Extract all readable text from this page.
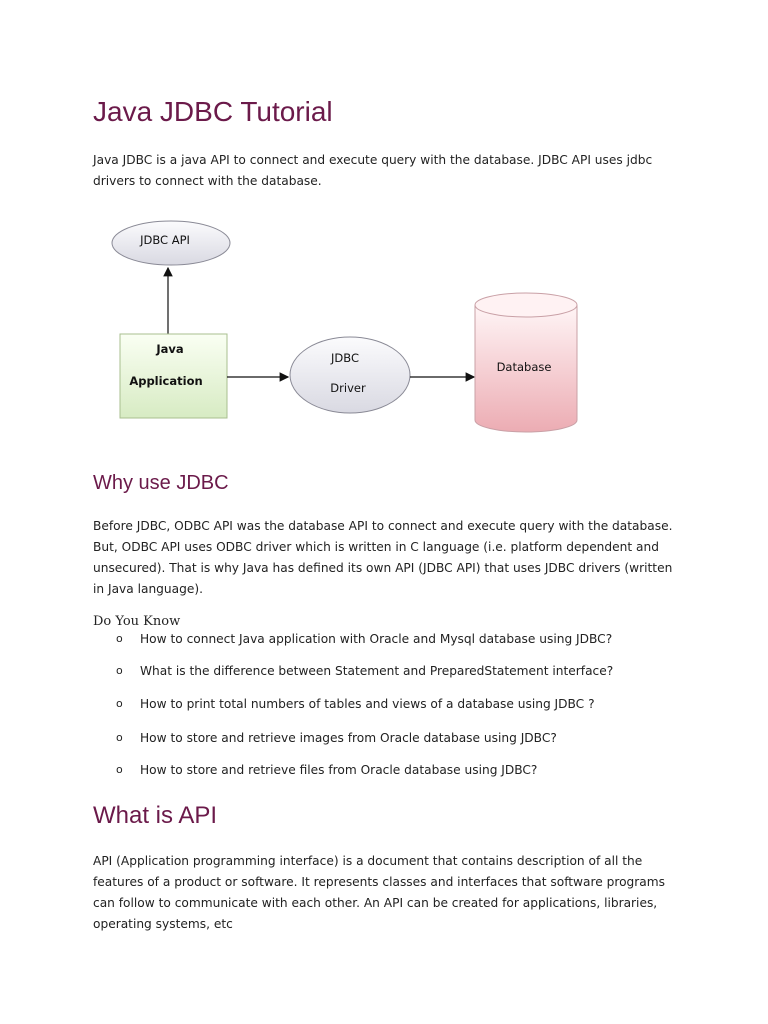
Java JDBC Tutorial

Java JDBC is a java API to connect and execute query with the database. JDBC API uses jdbc drivers to connect with the database.

JDBC API
Java
Application
JDBC
Driver
Database
Why use JDBC

Before JDBC, ODBC API was the database API to connect and execute query with the database. But, ODBC API uses ODBC driver which is written in C language (i.e. platform dependent and unsecured). That is why Java has defined its own API (JDBC API) that uses JDBC drivers (written in Java language).

Do You Know
o How to connect Java application with Oracle and Mysql database using JDBC?
o What is the difference between Statement and PreparedStatement interface?
o How to print total numbers of tables and views of a database using JDBC ?
o How to store and retrieve images from Oracle database using JDBC?
o How to store and retrieve files from Oracle database using JDBC?
What is API

API (Application programming interface) is a document that contains description of all the features of a product or software. It represents classes and interfaces that software programs can follow to communicate with each other. An API can be created for applications, libraries, operating systems, etc
